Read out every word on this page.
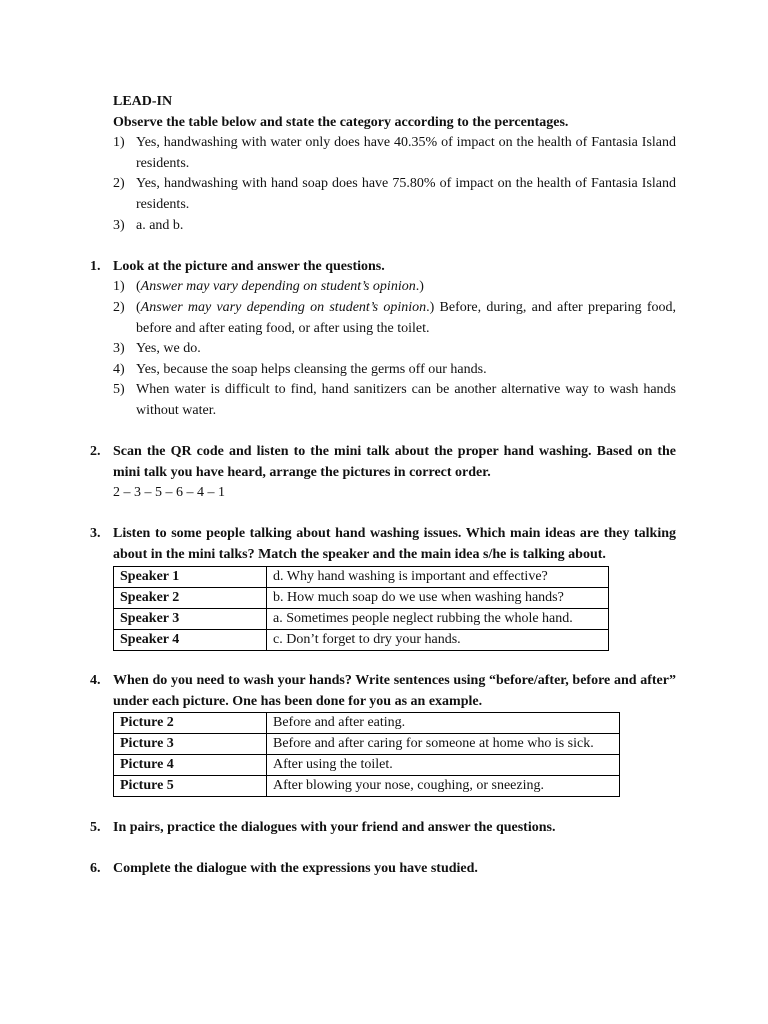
LEAD-IN
Observe the table below and state the category according to the percentages.
1) Yes, handwashing with water only does have 40.35% of impact on the health of Fantasia Island residents.
2) Yes, handwashing with hand soap does have 75.80% of impact on the health of Fantasia Island residents.
3) a. and b.
1. Look at the picture and answer the questions.
1) (Answer may vary depending on student’s opinion.)
2) (Answer may vary depending on student’s opinion.) Before, during, and after preparing food, before and after eating food, or after using the toilet.
3) Yes, we do.
4) Yes, because the soap helps cleansing the germs off our hands.
5) When water is difficult to find, hand sanitizers can be another alternative way to wash hands without water.
2. Scan the QR code and listen to the mini talk about the proper hand washing. Based on the mini talk you have heard, arrange the pictures in correct order.
2 – 3 – 5 – 6 – 4 – 1
3. Listen to some people talking about hand washing issues. Which main ideas are they talking about in the mini talks? Match the speaker and the main idea s/he is talking about.
Speaker 1	d. Why hand washing is important and effective?
Speaker 2	b. How much soap do we use when washing hands?
Speaker 3	a. Sometimes people neglect rubbing the whole hand.
Speaker 4	c. Don’t forget to dry your hands.
4. When do you need to wash your hands? Write sentences using “before/after, before and after” under each picture. One has been done for you as an example.
Picture 2	Before and after eating.
Picture 3	Before and after caring for someone at home who is sick.
Picture 4	After using the toilet.
Picture 5	After blowing your nose, coughing, or sneezing.
5. In pairs, practice the dialogues with your friend and answer the questions.
6. Complete the dialogue with the expressions you have studied.
